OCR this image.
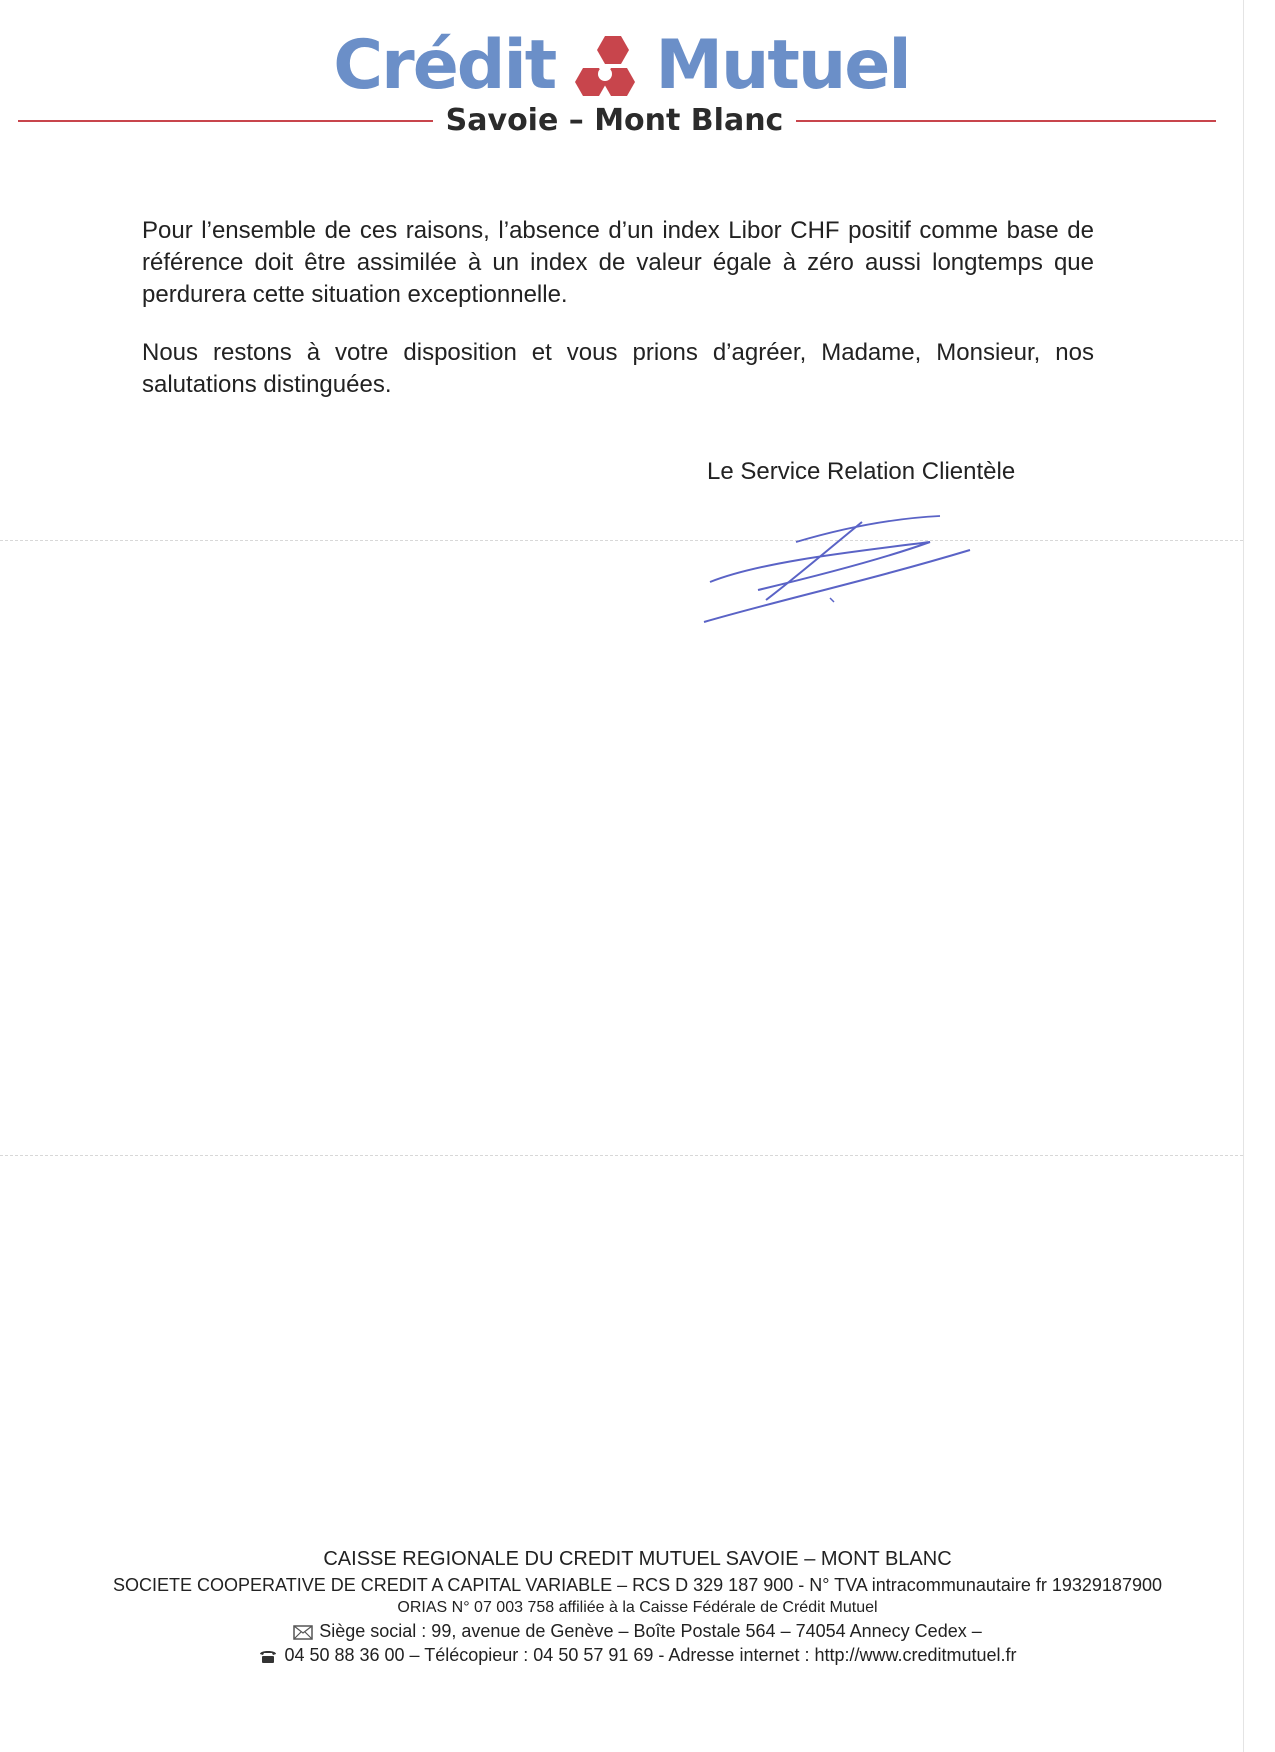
Crédit Mutuel
Savoie – Mont Blanc

Pour l’ensemble de ces raisons, l’absence d’un index Libor CHF positif comme base de référence doit être assimilée à un index de valeur égale à zéro aussi longtemps que perdurera cette situation exceptionnelle.

Nous restons à votre disposition et vous prions d’agréer, Madame, Monsieur, nos salutations distinguées.

Le Service Relation Clientèle
CAISSE REGIONALE DU CREDIT MUTUEL SAVOIE – MONT BLANC
SOCIETE COOPERATIVE DE CREDIT A CAPITAL VARIABLE – RCS D 329 187 900 - N° TVA intracommunautaire fr 19329187900
ORIAS N° 07 003 758 affiliée à la Caisse Fédérale de Crédit Mutuel
Siège social : 99, avenue de Genève – Boîte Postale 564 – 74054 Annecy Cedex –
04 50 88 36 00 – Télécopieur : 04 50 57 91 69 - Adresse internet : http://www.creditmutuel.fr
